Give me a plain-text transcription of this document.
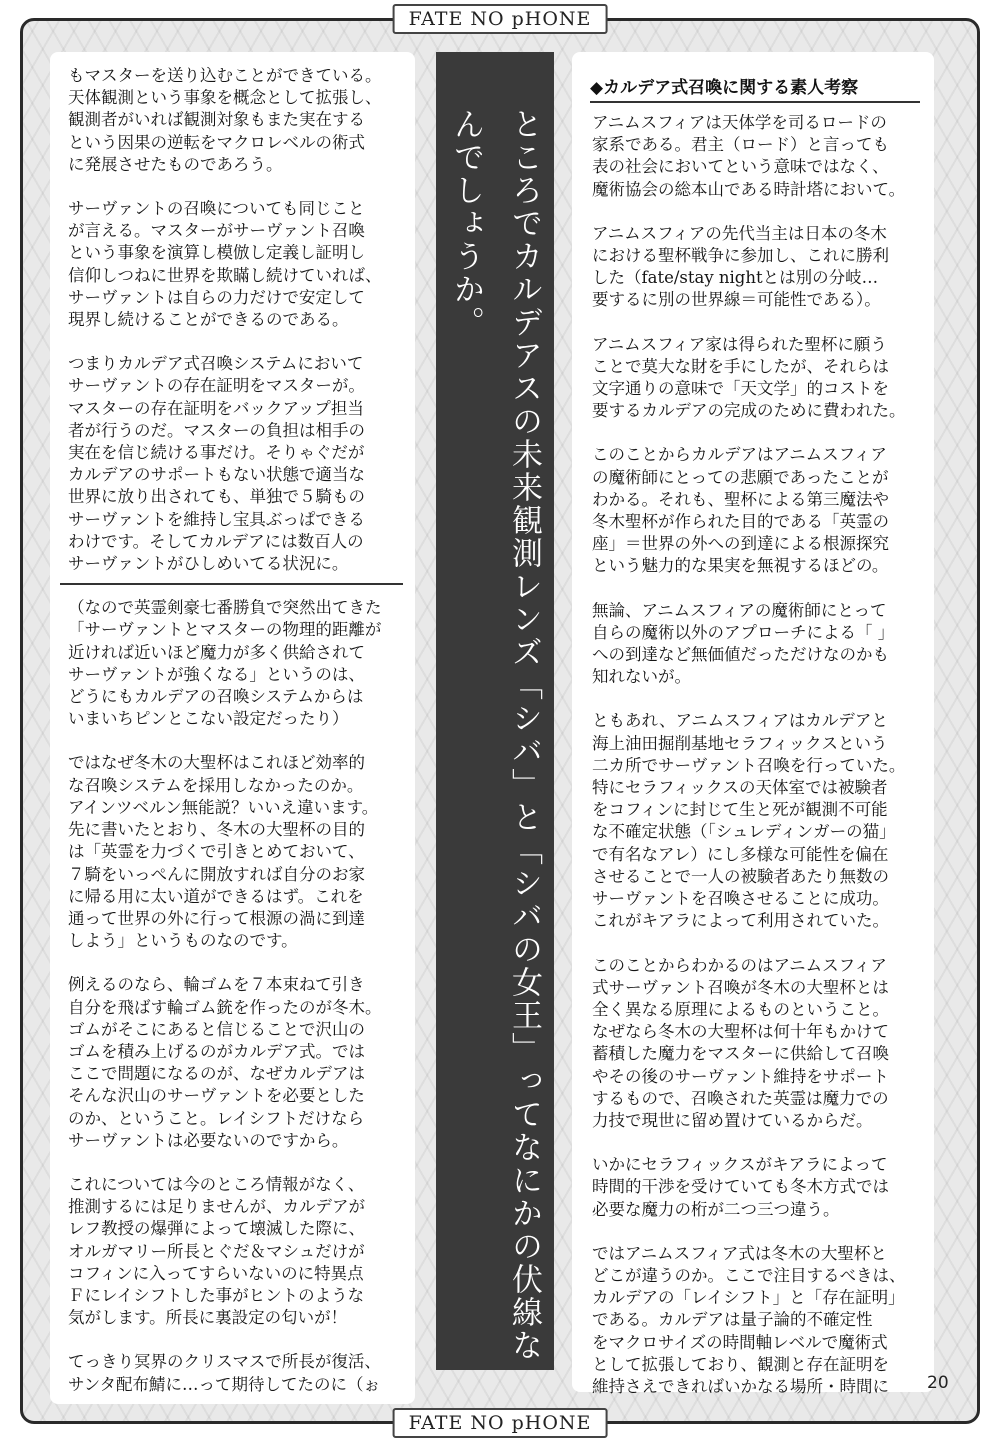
FATE NO pHONE

もマスターを送り込むことができている。
天体観測という事象を概念として拡張し、
観測者がいれば観測対象もまた実在する
という因果の逆転をマクロレベルの術式
に発展させたものであろう。

サーヴァントの召喚についても同じこと
が言える。マスターがサーヴァント召喚
という事象を演算し模倣し定義し証明し
信仰しつねに世界を欺瞞し続けていれば、
サーヴァントは自らの力だけで安定して
現界し続けることができるのである。

つまりカルデア式召喚システムにおいて
サーヴァントの存在証明をマスターが。
マスターの存在証明をバックアップ担当
者が行うのだ。マスターの負担は相手の
実在を信じ続ける事だけ。そりゃぐだが
カルデアのサポートもない状態で適当な
世界に放り出されても、単独で５騎もの
サーヴァントを維持し宝具ぶっぱできる
わけです。そしてカルデアには数百人の
サーヴァントがひしめいてる状況に。

（なので英霊剣豪七番勝負で突然出てきた
「サーヴァントとマスターの物理的距離が
近ければ近いほど魔力が多く供給されて
サーヴァントが強くなる」というのは、
どうにもカルデアの召喚システムからは
いまいちピンとこない設定だったり）

ではなぜ冬木の大聖杯はこれほど効率的
な召喚システムを採用しなかったのか。
アインツベルン無能説？いいえ違います。
先に書いたとおり、冬木の大聖杯の目的
は「英霊を力づくで引きとめておいて、
７騎をいっぺんに開放すれば自分のお家
に帰る用に太い道ができるはず。これを
通って世界の外に行って根源の渦に到達
しよう」というものなのです。

例えるのなら、輪ゴムを７本束ねて引き
自分を飛ばす輪ゴム銃を作ったのが冬木。
ゴムがそこにあると信じることで沢山の
ゴムを積み上げるのがカルデア式。では
ここで問題になるのが、なぜカルデアは
そんな沢山のサーヴァントを必要とした
のか、ということ。レイシフトだけなら
サーヴァントは必要ないのですから。

これについては今のところ情報がなく、
推測するには足りませんが、カルデアが
レフ教授の爆弾によって壊滅した際に、
オルガマリー所長とぐだ＆マシュだけが
コフィンに入ってすらいないのに特異点
Ｆにレイシフトした事がヒントのような
気がします。所長に裏設定の匂いが！

てっきり冥界のクリスマスで所長が復活、
サンタ配布鯖に…って期待してたのに（ぉ

ところでカルデアスの未来観測レンズ「シバ」と「シバの女王」ってなにかの伏線なんでしょうか。
◆カルデア式召喚に関する素人考察

アニムスフィアは天体学を司るロードの
家系である。君主（ロード）と言っても
表の社会においてという意味ではなく、
魔術協会の総本山である時計塔において。

アニムスフィアの先代当主は日本の冬木
における聖杯戦争に参加し、これに勝利
した（fate/stay nightとは別の分岐…
要するに別の世界線＝可能性である）。

アニムスフィア家は得られた聖杯に願う
ことで莫大な財を手にしたが、それらは
文字通りの意味で「天文学」的コストを
要するカルデアの完成のために費われた。

このことからカルデアはアニムスフィア
の魔術師にとっての悲願であったことが
わかる。それも、聖杯による第三魔法や
冬木聖杯が作られた目的である「英霊の
座」＝世界の外への到達による根源探究
という魅力的な果実を無視するほどの。

無論、アニムスフィアの魔術師にとって
自らの魔術以外のアプローチによる「 」
への到達など無価値だっただけなのかも
知れないが。

ともあれ、アニムスフィアはカルデアと
海上油田掘削基地セラフィックスという
二カ所でサーヴァント召喚を行っていた。
特にセラフィックスの天体室では被験者
をコフィンに封じて生と死が観測不可能
な不確定状態（「シュレディンガーの猫」
で有名なアレ）にし多様な可能性を偏在
させることで一人の被験者あたり無数の
サーヴァントを召喚させることに成功。
これがキアラによって利用されていた。

このことからわかるのはアニムスフィア
式サーヴァント召喚が冬木の大聖杯とは
全く異なる原理によるものということ。
なぜなら冬木の大聖杯は何十年もかけて
蓄積した魔力をマスターに供給して召喚
やその後のサーヴァント維持をサポート
するもので、召喚された英霊は魔力での
力技で現世に留め置けているからだ。

いかにセラフィックスがキアラによって
時間的干渉を受けていても冬木方式では
必要な魔力の桁が二つ三つ違う。

ではアニムスフィア式は冬木の大聖杯と
どこが違うのか。ここで注目するべきは、
カルデアの「レイシフト」と「存在証明」
である。カルデアは量子論的不確定性
をマクロサイズの時間軸レベルで魔術式
として拡張しており、観測と存在証明を
維持さえできればいかなる場所・時間に	20
FATE NO pHONE
